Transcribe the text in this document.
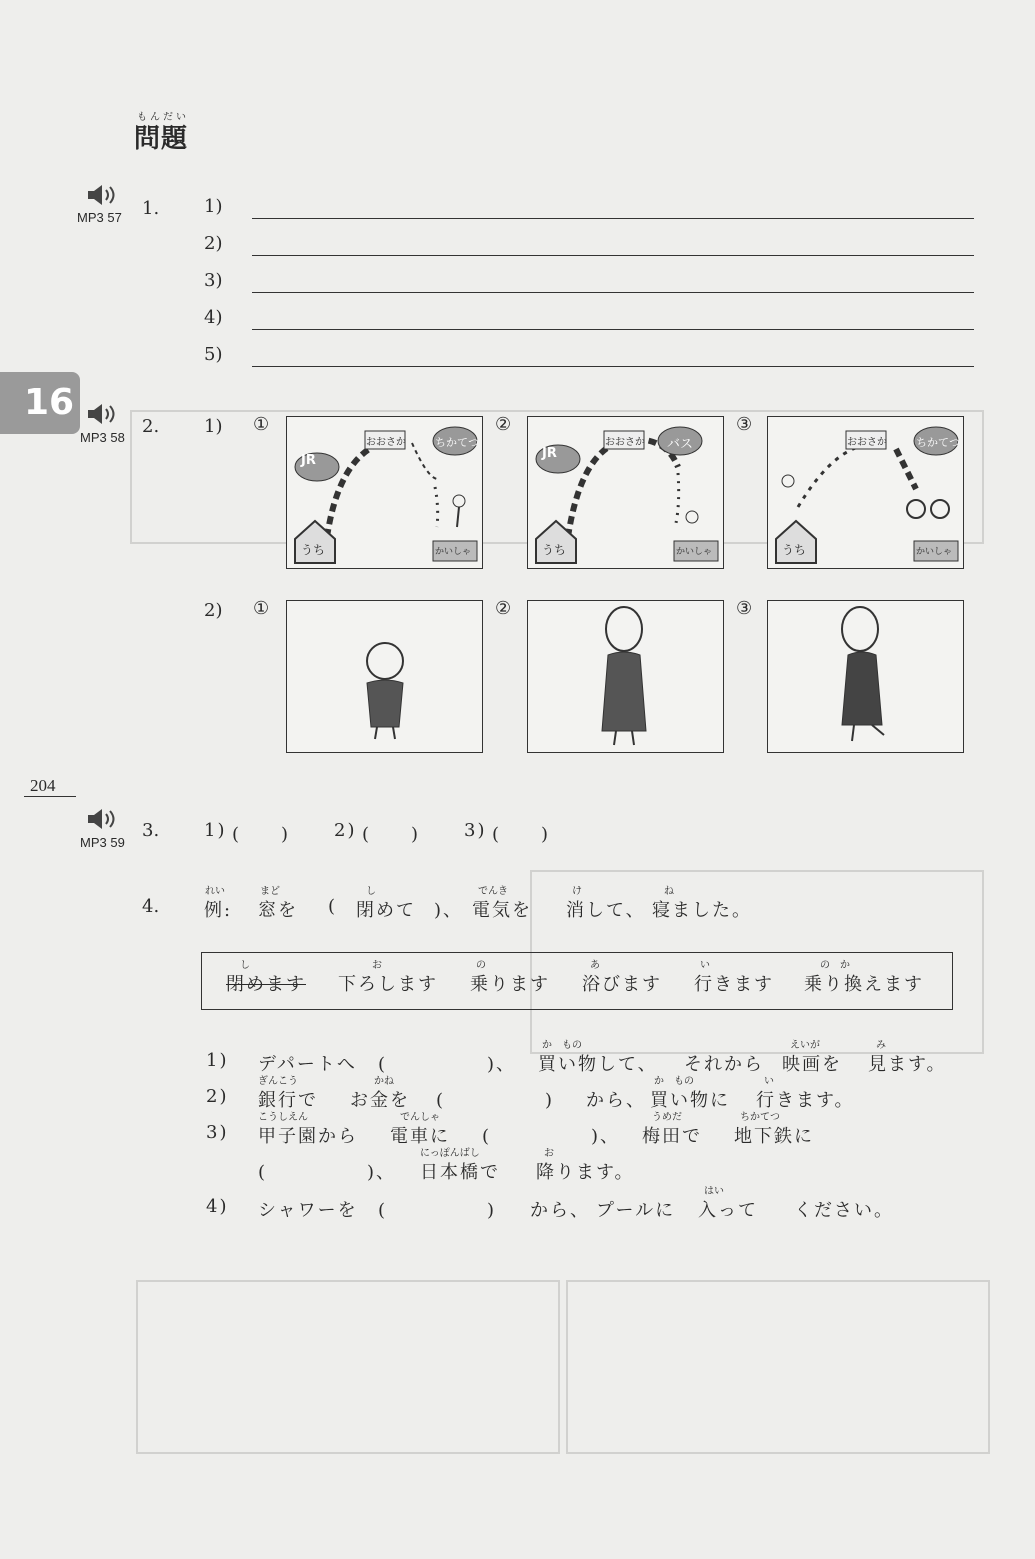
もんだい
問題
16
MP3 57
MP3 58
MP3 59
1. 1)
2)
3)
4)
5)
2. 1)
2)
①	②	③
①	②	③
JR
おおさか	ちかてつ
うち	かいしゃ
JR
おおさか バス
うち	かいしゃ
おおさか	ちかてつ
うち	かいしゃ
204
3. 1) (　　) 2) (　　) 3) (　　)
4.
れい
例:
まど
窓を (
し
閉めて )、
でんき
電気を
け
消して、
ね
寝ました。
し
閉めます
お
下ろします
の
乗ります
あ
浴びます
い
行きます
の　か
乗り換えます
1) デパートへ (　　　　　)、
か　もの
買い物して、 それから
えいが
映画を
み
見ます。
2)
ぎんこう
銀行で
かね
お金を (　　　　　) から、
か　もの
買い物に
い
行きます。
3)
こうしえん
甲子園から
でんしゃ
電車に (　　　　　)、
うめだ
梅田で
ちかてつ
地下鉄に
(　　　　　)、
にっぽんばし
日本橋で
お
降ります。
4) シャワーを (　　　　　) から、 プールに
はい
入って ください。
